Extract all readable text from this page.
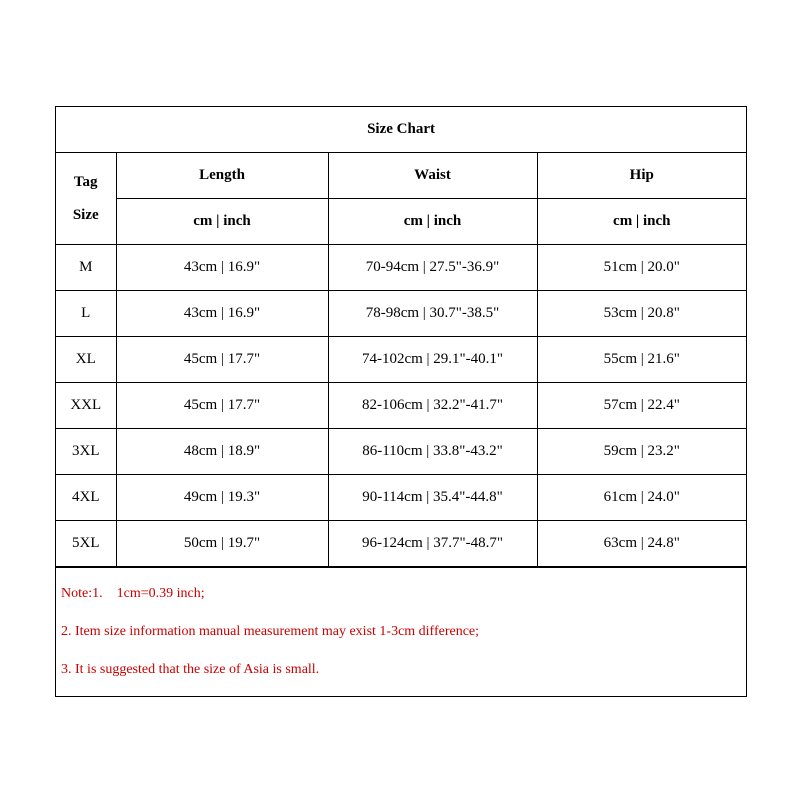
Size Chart			

Tag
Size	Length	Waist	Hip
	cm | inch	cm | inch	cm | inch
M	43cm | 16.9"	70-94cm | 27.5"-36.9"	51cm | 20.0"
L	43cm | 16.9"	78-98cm | 30.7"-38.5"	53cm | 20.8"
XL	45cm | 17.7"	74-102cm | 29.1"-40.1"	55cm | 21.6"
XXL	45cm | 17.7"	82-106cm | 32.2"-41.7"	57cm | 22.4"
3XL	48cm | 18.9"	86-110cm | 33.8"-43.2"	59cm | 23.2"
4XL	49cm | 19.3"	90-114cm | 35.4"-44.8"	61cm | 24.0"
5XL	50cm | 19.7"	96-124cm | 37.7"-48.7"	63cm | 24.8"
Note:1.    1cm=0.39 inch;
2. Item size information manual measurement may exist 1-3cm difference;
3. It is suggested that the size of Asia is small.
